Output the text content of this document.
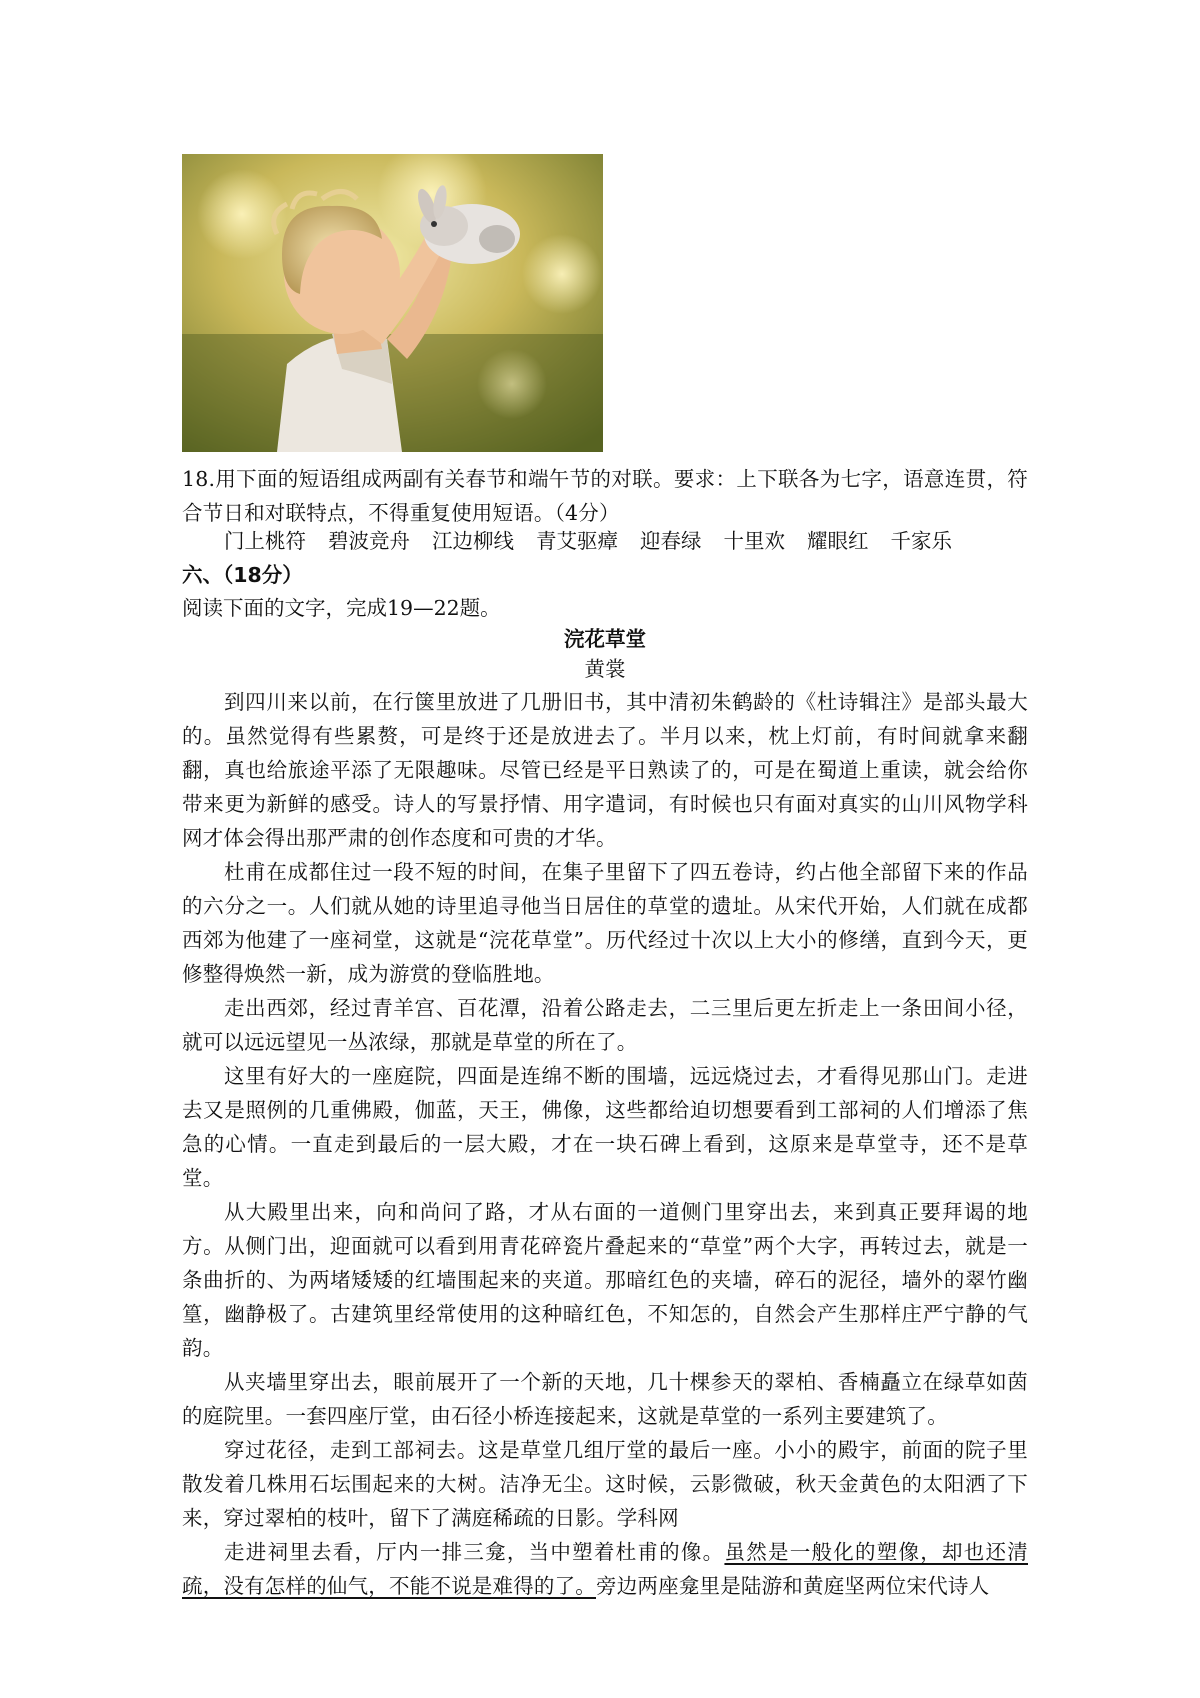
18.用下面的短语组成两副有关春节和端午节的对联。要求：上下联各为七字，语意连贯，符合节日和对联特点，不得重复使用短语。（4分）

门上桃符 碧波竞舟 江边柳线 青艾驱瘴 迎春绿 十里欢 耀眼红 千家乐
六、（18分）
阅读下面的文字，完成19—22题。
浣花草堂
黄裳

到四川来以前，在行箧里放进了几册旧书，其中清初朱鹤龄的《杜诗辑注》是部头最大的。虽然觉得有些累赘，可是终于还是放进去了。半月以来，枕上灯前，有时间就拿来翻翻，真也给旅途平添了无限趣味。尽管已经是平日熟读了的，可是在蜀道上重读，就会给你带来更为新鲜的感受。诗人的写景抒情、用字遣词，有时候也只有面对真实的山川风物学科网才体会得出那严肃的创作态度和可贵的才华。

杜甫在成都住过一段不短的时间，在集子里留下了四五卷诗，约占他全部留下来的作品的六分之一。人们就从她的诗里追寻他当日居住的草堂的遗址。从宋代开始，人们就在成都西郊为他建了一座祠堂，这就是“浣花草堂”。历代经过十次以上大小的修缮，直到今天，更修整得焕然一新，成为游赏的登临胜地。

走出西郊，经过青羊宫、百花潭，沿着公路走去，二三里后更左折走上一条田间小径，就可以远远望见一丛浓绿，那就是草堂的所在了。

这里有好大的一座庭院，四面是连绵不断的围墙，远远烧过去，才看得见那山门。走进去又是照例的几重佛殿，伽蓝，天王，佛像，这些都给迫切想要看到工部祠的人们增添了焦急的心情。一直走到最后的一层大殿，才在一块石碑上看到，这原来是草堂寺，还不是草堂。

从大殿里出来，向和尚问了路，才从右面的一道侧门里穿出去，来到真正要拜谒的地方。从侧门出，迎面就可以看到用青花碎瓷片叠起来的“草堂”两个大字，再转过去，就是一条曲折的、为两堵矮矮的红墙围起来的夹道。那暗红色的夹墙，碎石的泥径，墙外的翠竹幽篁，幽静极了。古建筑里经常使用的这种暗红色，不知怎的，自然会产生那样庄严宁静的气韵。

从夹墙里穿出去，眼前展开了一个新的天地，几十棵参天的翠柏、香楠矗立在绿草如茵的庭院里。一套四座厅堂，由石径小桥连接起来，这就是草堂的一系列主要建筑了。

穿过花径，走到工部祠去。这是草堂几组厅堂的最后一座。小小的殿宇，前面的院子里散发着几株用石坛围起来的大树。洁净无尘。这时候，云影微破，秋天金黄色的太阳洒了下来，穿过翠柏的枝叶，留下了满庭稀疏的日影。学科网

走进祠里去看，厅内一排三龛，当中塑着杜甫的像。虽然是一般化的塑像，却也还清疏，没有怎样的仙气，不能不说是难得的了。旁边两座龛里是陆游和黄庭坚两位宋代诗人
